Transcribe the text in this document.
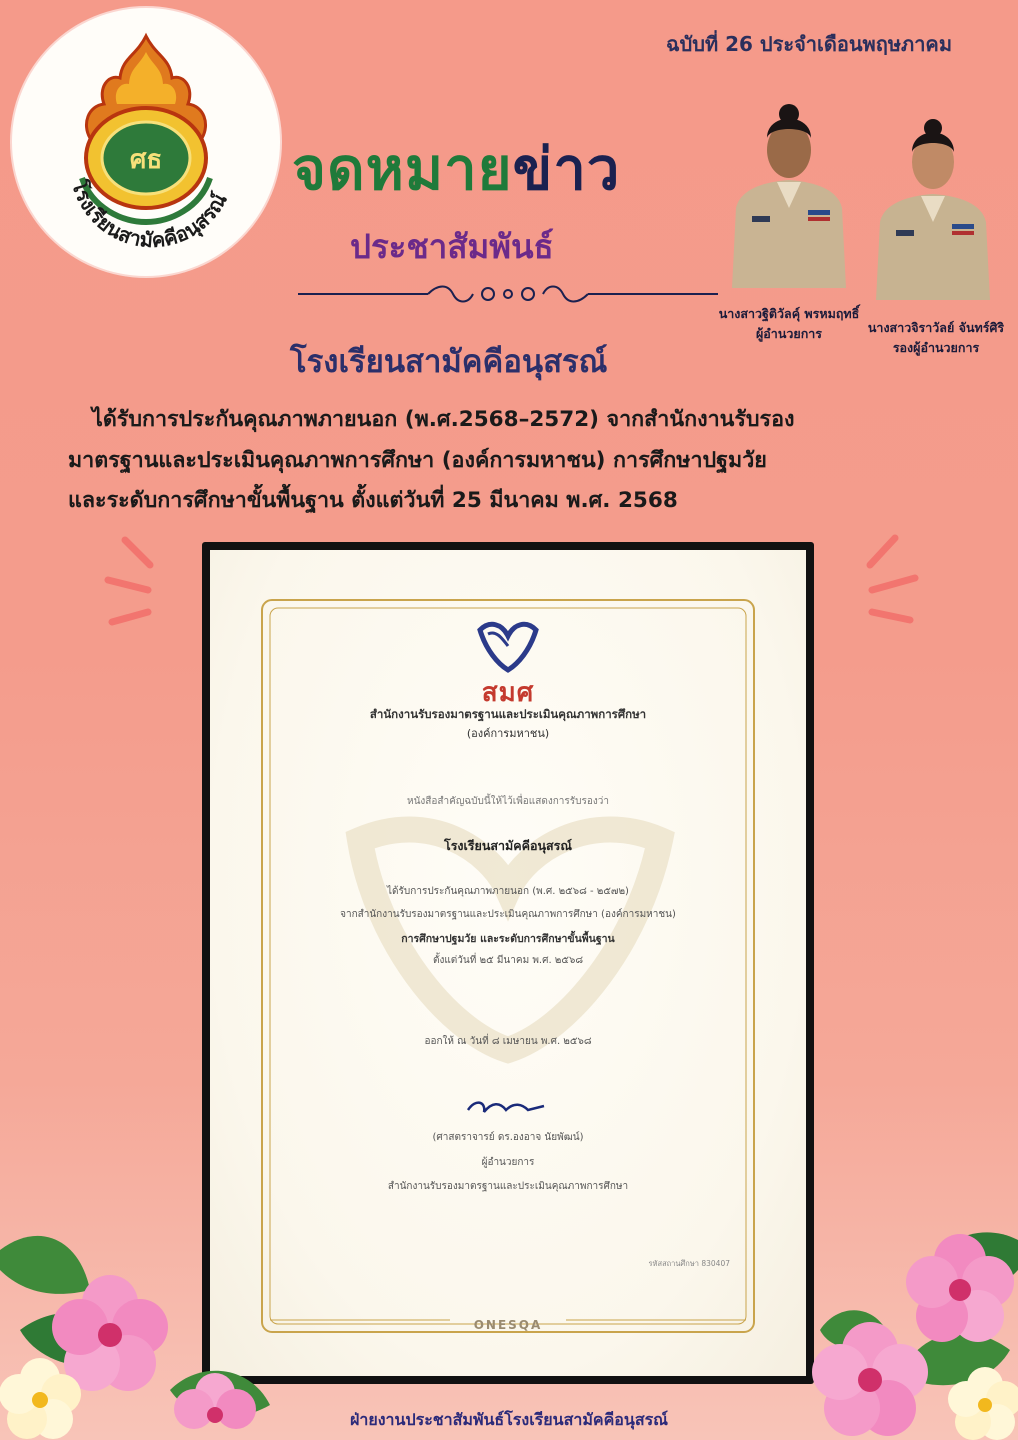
ศธ
โรงเรียนสามัคคีอนุสรณ์
ฉบับที่ 26 ประจำเดือนพฤษภาคม
จดหมายข่าว
ประชาสัมพันธ์
โรงเรียนสามัคคีอนุสรณ์
ได้รับการประกันคุณภาพภายนอก (พ.ศ.2568–2572) จากสำนักงานรับรอง
มาตรฐานและประเมินคุณภาพการศึกษา (องค์การมหาชน) การศึกษาปฐมวัย
และระดับการศึกษาขั้นพื้นฐาน ตั้งแต่วันที่ 25 มีนาคม พ.ศ. 2568
นางสาวฐิติวัลคุ์ พรหมฤทธิ์
ผู้อำนวยการ	นางสาวจิราวัลย์ จันทร์ศิริ
รองผู้อำนวยการ
สมศ
สำนักงานรับรองมาตรฐานและประเมินคุณภาพการศึกษา
(องค์การมหาชน)
หนังสือสำคัญฉบับนี้ให้ไว้เพื่อแสดงการรับรองว่า
โรงเรียนสามัคคีอนุสรณ์
ได้รับการประกันคุณภาพภายนอก (พ.ศ. ๒๕๖๘ - ๒๕๗๒)
จากสำนักงานรับรองมาตรฐานและประเมินคุณภาพการศึกษา (องค์การมหาชน)
การศึกษาปฐมวัย และระดับการศึกษาขั้นพื้นฐาน
ตั้งแต่วันที่ ๒๕ มีนาคม พ.ศ. ๒๕๖๘
ออกให้ ณ วันที่ ๘ เมษายน พ.ศ. ๒๕๖๘
(ศาสตราจารย์ ดร.องอาจ นัยพัฒน์)
ผู้อำนวยการ
สำนักงานรับรองมาตรฐานและประเมินคุณภาพการศึกษา
รหัสสถานศึกษา 830407
ONESQA
ฝ่ายงานประชาสัมพันธ์โรงเรียนสามัคคีอนุสรณ์
